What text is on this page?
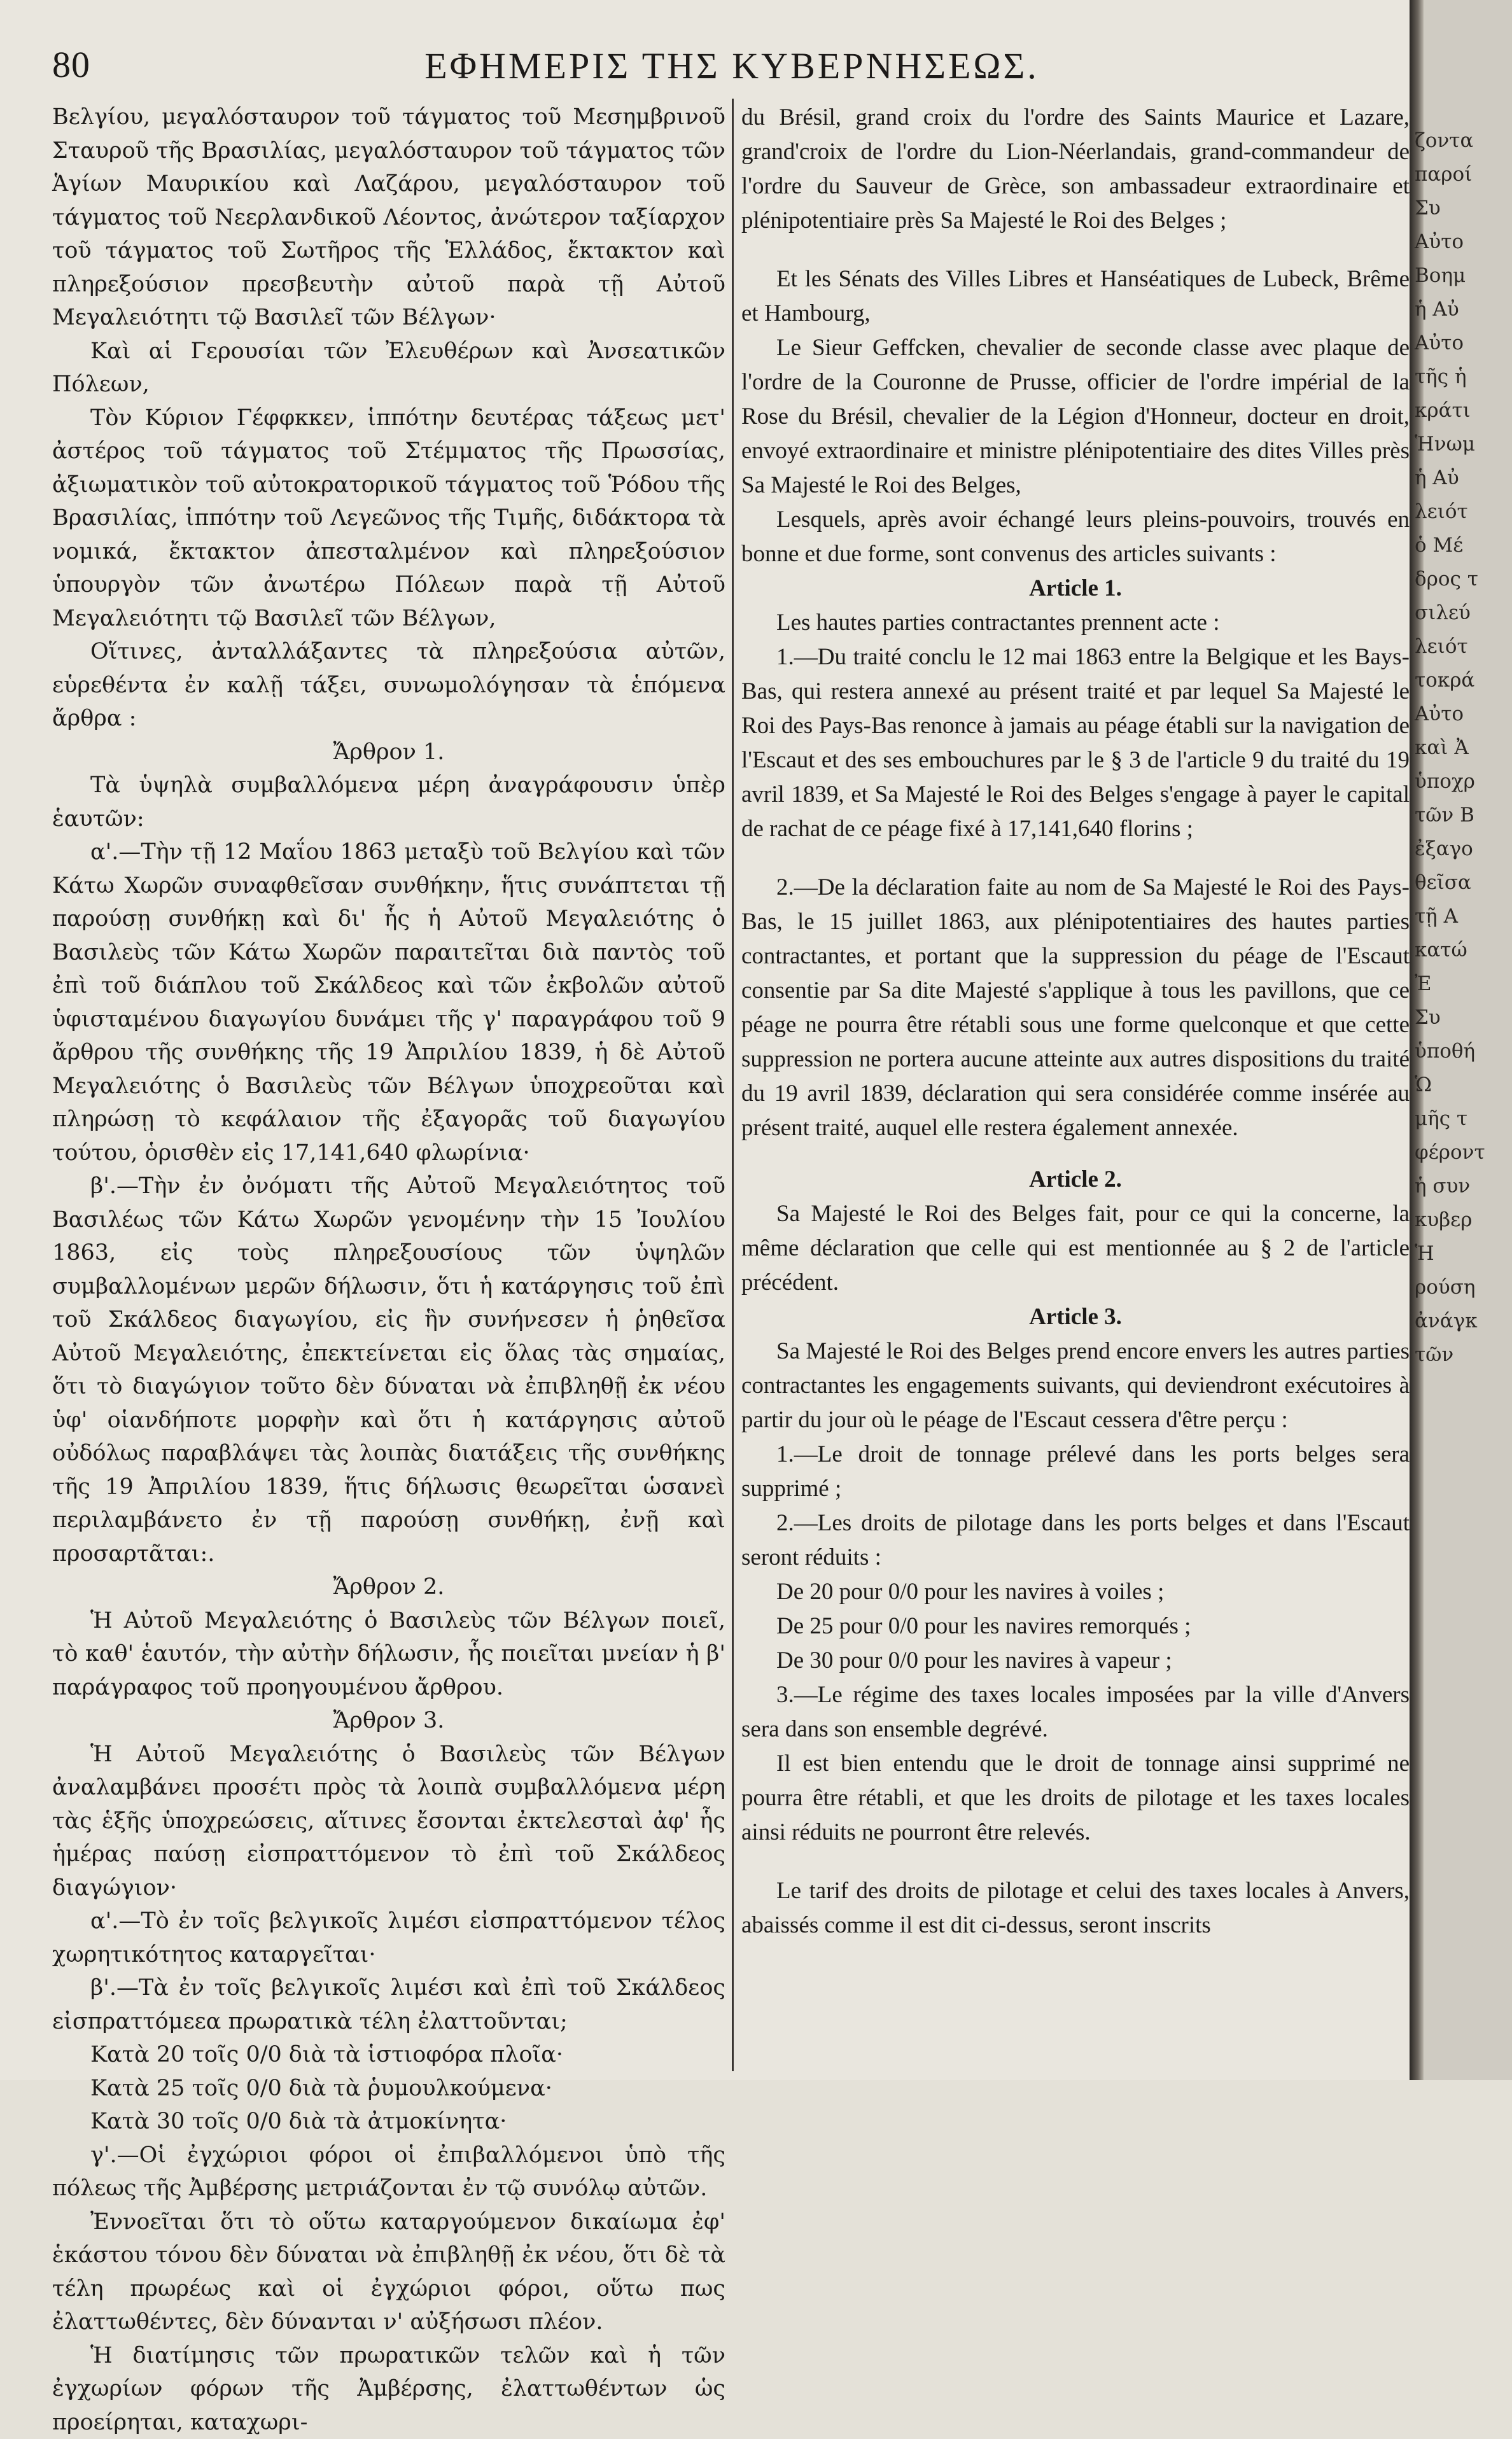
80	ΕΦΗΜΕΡΙΣ ΤΗΣ ΚΥΒΕΡΝΗΣΕΩΣ.

Βελγίου, μεγαλόσταυρον τοῦ τάγματος τοῦ Μεσημβρινοῦ Σταυροῦ τῆς Βρασιλίας, μεγαλόσταυρον τοῦ τάγματος τῶν Ἁγίων Μαυρικίου καὶ Λαζάρου, μεγαλόσταυρον τοῦ τάγματος τοῦ Νεερλανδικοῦ Λέοντος, ἀνώτερον ταξίαρχον τοῦ τάγματος τοῦ Σωτῆρος τῆς Ἑλλάδος, ἔκτακτον καὶ πληρεξούσιον πρεσβευτὴν αὐτοῦ παρὰ τῇ Αὐτοῦ Μεγαλειότητι τῷ Βασιλεῖ τῶν Βέλγων·

Καὶ αἱ Γερουσίαι τῶν Ἐλευθέρων καὶ Ἀνσεατικῶν Πόλεων,

Τὸν Κύριον Γέφφκκεν, ἱππότην δευτέρας τάξεως μετ' ἀστέρος τοῦ τάγματος τοῦ Στέμματος τῆς Πρωσσίας, ἀξιωματικὸν τοῦ αὐτοκρατορικοῦ τάγματος τοῦ Ῥόδου τῆς Βρασιλίας, ἱππότην τοῦ Λεγεῶνος τῆς Τιμῆς, διδάκτορα τὰ νομικά, ἔκτακτον ἀπεσταλμένον καὶ πληρεξούσιον ὑπουργὸν τῶν ἀνωτέρω Πόλεων παρὰ τῇ Αὐτοῦ Μεγαλειότητι τῷ Βασιλεῖ τῶν Βέλγων,

Οἵτινες, ἀνταλλάξαντες τὰ πληρεξούσια αὐτῶν, εὑρεθέντα ἐν καλῇ τάξει, συνωμολόγησαν τὰ ἑπόμενα ἄρθρα :

Ἄρθρον 1.

Τὰ ὑψηλὰ συμβαλλόμενα μέρη ἀναγράφουσιν ὑπὲρ ἑαυτῶν:

α'.—Τὴν τῇ 12 Μαΐου 1863 μεταξὺ τοῦ Βελγίου καὶ τῶν Κάτω Χωρῶν συναφθεῖσαν συνθήκην, ἥτις συνάπτεται τῇ παρούσῃ συνθήκῃ καὶ δι' ἧς ἡ Αὐτοῦ Μεγαλειότης ὁ Βασιλεὺς τῶν Κάτω Χωρῶν παραιτεῖται διὰ παντὸς τοῦ ἐπὶ τοῦ διάπλου τοῦ Σκάλδεος καὶ τῶν ἐκβολῶν αὐτοῦ ὑφισταμένου διαγωγίου δυνάμει τῆς γ' παραγράφου τοῦ 9 ἄρθρου τῆς συνθήκης τῆς 19 Ἀπριλίου 1839, ἡ δὲ Αὐτοῦ Μεγαλειότης ὁ Βασιλεὺς τῶν Βέλγων ὑποχρεοῦται καὶ πληρώσῃ τὸ κεφάλαιον τῆς ἐξαγορᾶς τοῦ διαγωγίου τούτου, ὁρισθὲν εἰς 17,141,640 φλωρίνια·

β'.—Τὴν ἐν ὀνόματι τῆς Αὐτοῦ Μεγαλειότητος τοῦ Βασιλέως τῶν Κάτω Χωρῶν γενομένην τὴν 15 Ἰουλίου 1863, εἰς τοὺς πληρεξουσίους τῶν ὑψηλῶν συμβαλλομένων μερῶν δήλωσιν, ὅτι ἡ κατάργησις τοῦ ἐπὶ τοῦ Σκάλδεος διαγωγίου, εἰς ἣν συνήνεσεν ἡ ῥηθεῖσα Αὐτοῦ Μεγαλειότης, ἐπεκτείνεται εἰς ὅλας τὰς σημαίας, ὅτι τὸ διαγώγιον τοῦτο δὲν δύναται νὰ ἐπιβληθῇ ἐκ νέου ὑφ' οἱανδήποτε μορφὴν καὶ ὅτι ἡ κατάργησις αὐτοῦ οὐδόλως παραβλάψει τὰς λοιπὰς διατάξεις τῆς συνθήκης τῆς 19 Ἀπριλίου 1839, ἥτις δήλωσις θεωρεῖται ὡσανεὶ περιλαμβάνετο ἐν τῇ παρούσῃ συνθήκῃ, ἐνῇ καὶ προσαρτᾶται:.

Ἄρθρον 2.

Ἡ Αὐτοῦ Μεγαλειότης ὁ Βασιλεὺς τῶν Βέλγων ποιεῖ, τὸ καθ' ἑαυτόν, τὴν αὐτὴν δήλωσιν, ἧς ποιεῖται μνείαν ἡ β' παράγραφος τοῦ προηγουμένου ἄρθρου.

Ἄρθρον 3.

Ἡ Αὐτοῦ Μεγαλειότης ὁ Βασιλεὺς τῶν Βέλγων ἀναλαμβάνει προσέτι πρὸς τὰ λοιπὰ συμβαλλόμενα μέρη τὰς ἑξῆς ὑποχρεώσεις, αἵτινες ἔσονται ἐκτελεσταὶ ἀφ' ἧς ἡμέρας παύσῃ εἰσπραττόμενον τὸ ἐπὶ τοῦ Σκάλδεος διαγώγιον·

α'.—Τὸ ἐν τοῖς βελγικοῖς λιμέσι εἰσπραττόμενον τέλος χωρητικότητος καταργεῖται·

β'.—Τὰ ἐν τοῖς βελγικοῖς λιμέσι καὶ ἐπὶ τοῦ Σκάλδεος εἰσπραττόμεεα πρωρατικὰ τέλη ἐλαττοῦνται;

Κατὰ 20 τοῖς 0/0 διὰ τὰ ἱστιοφόρα πλοῖα·

Κατὰ 25 τοῖς 0/0 διὰ τὰ ῥυμουλκούμενα·

Κατὰ 30 τοῖς 0/0 διὰ τὰ ἀτμοκίνητα·

γ'.—Οἱ ἐγχώριοι φόροι οἱ ἐπιβαλλόμενοι ὑπὸ τῆς πόλεως τῆς Ἀμβέρσης μετριάζονται ἐν τῷ συνόλῳ αὐτῶν.

Ἐννοεῖται ὅτι τὸ οὕτω καταργούμενον δικαίωμα ἐφ' ἑκάστου τόνου δὲν δύναται νὰ ἐπιβληθῇ ἐκ νέου, ὅτι δὲ τὰ τέλη πρωρέως καὶ οἱ ἐγχώριοι φόροι, οὕτω πως ἐλαττωθέντες, δὲν δύνανται ν' αὐξήσωσι πλέον.

Ἡ διατίμησις τῶν πρωρατικῶν τελῶν καὶ ἡ τῶν ἐγχωρίων φόρων τῆς Ἀμβέρσης, ἐλαττωθέντων ὡς προείρηται, καταχωρι-

du Brésil, grand croix du l'ordre des Saints Maurice et Lazare, grand'croix de l'ordre du Lion-Néerlandais, grand-commandeur de l'ordre du Sauveur de Grèce, son ambassadeur extraordinaire et plénipotentiaire près Sa Majesté le Roi des Belges ;

Et les Sénats des Villes Libres et Hanséatiques de Lubeck, Brême et Hambourg,

Le Sieur Geffcken, chevalier de seconde classe avec plaque de l'ordre de la Couronne de Prusse, officier de l'ordre impérial de la Rose du Brésil, chevalier de la Légion d'Honneur, docteur en droit, envoyé extraordinaire et ministre plénipotentiaire des dites Villes près Sa Majesté le Roi des Belges,

Lesquels, après avoir échangé leurs pleins-pouvoirs, trouvés en bonne et due forme, sont convenus des articles suivants :

Article 1.

Les hautes parties contractantes prennent acte :

1.—Du traité conclu le 12 mai 1863 entre la Belgique et les Bays-Bas, qui restera annexé au présent traité et par lequel Sa Majesté le Roi des Pays-Bas renonce à jamais au péage établi sur la navigation de l'Escaut et des ses embouchures par le § 3 de l'article 9 du traité du 19 avril 1839, et Sa Majesté le Roi des Belges s'engage à payer le capital de rachat de ce péage fixé à 17,141,640 florins ;

2.—De la déclaration faite au nom de Sa Majesté le Roi des Pays-Bas, le 15 juillet 1863, aux plénipotentiaires des hautes parties contractantes, et portant que la suppression du péage de l'Escaut consentie par Sa dite Majesté s'applique à tous les pavillons, que ce péage ne pourra être rétabli sous une forme quelconque et que cette suppression ne portera aucune atteinte aux autres dispositions du traité du 19 avril 1839, déclaration qui sera considérée comme insérée au présent traité, auquel elle restera également annexée.

Article 2.

Sa Majesté le Roi des Belges fait, pour ce qui la concerne, la même déclaration que celle qui est mentionnée au § 2 de l'article précédent.

Article 3.

Sa Majesté le Roi des Belges prend encore envers les autres parties contractantes les engagements suivants, qui deviendront exécutoires à partir du jour où le péage de l'Escaut cessera d'être perçu :

1.—Le droit de tonnage prélevé dans les ports belges sera supprimé ;

2.—Les droits de pilotage dans les ports belges et dans l'Escaut seront réduits :

De 20 pour 0/0 pour les navires à voiles ;

De 25 pour 0/0 pour les navires remorqués ;

De 30 pour 0/0 pour les navires à vapeur ;

3.—Le régime des taxes locales imposées par la ville d'Anvers sera dans son ensemble degrévé.

Il est bien entendu que le droit de tonnage ainsi supprimé ne pourra être rétabli, et que les droits de pilotage et les taxes locales ainsi réduits ne pourront être relevés.

Le tarif des droits de pilotage et celui des taxes locales à Anvers, abaissés comme il est dit ci-dessus, seront inscrits

ζοντα
παροί
Συ
Αὐτο
Βοημ
ἡ Αὐ
Αὐτο
τῆς ἡ
κράτι
Ἡνωμ
ἡ Αὐ
λειότ
ὁ Μέ
δρος τ
σιλεύ
λειότ
τοκρά
Αὐτο
καὶ Ἀ
ὑποχρ
τῶν Β
ἐξαγο
θεῖσα
τῇ Α
κατώ
Ἐ
Συ
ὑποθή
Ὡ
μῆς τ
φέροντ
ἡ συν
κυβερ
Ἡ
ρούση
ἀνάγκ
τῶν
